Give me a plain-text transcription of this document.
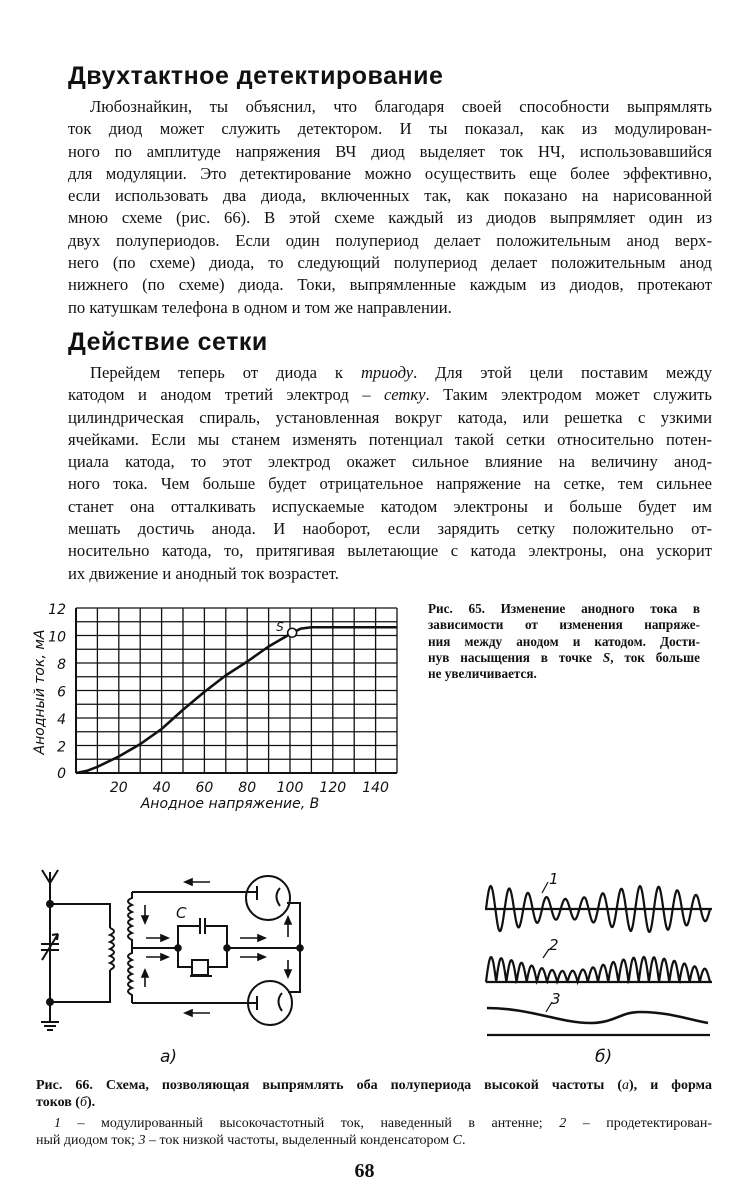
Двухтактное детектирование
Любознайкин, ты объяснил, что благодаря своей способности выпрямлять
ток диод может служить детектором. И ты показал, как из модулирован-
ного по амплитуде напряжения ВЧ диод выделяет ток НЧ, использовавшийся
для модуляции. Это детектирование можно осуществить еще более эффективно,
если использовать два диода, включенных так, как показано на нарисованной
мною схеме (рис. 66). В этой схеме каждый из диодов выпрямляет один из
двух полупериодов. Если один полупериод делает положительным анод верх-
него (по схеме) диода, то следующий полупериод делает положительным анод
нижнего (по схеме) диода. Токи, выпрямленные каждым из диодов, протекают
по катушкам телефона в одном и том же направлении.
Действие сетки
Перейдем теперь от диода к триоду. Для этой цели поставим между
катодом и анодом третий электрод – сетку. Таким электродом может служить
цилиндрическая спираль, установленная вокруг катода, или решетка с узкими
ячейками. Если мы станем изменять потенциал такой сетки относительно потен-
циала катода, то этот электрод окажет сильное влияние на величину анод-
ного тока. Чем больше будет отрицательное напряжение на сетке, тем сильнее
станет она отталкивать испускаемые катодом электроны и больше будет им
мешать достичь анода. И наоборот, если зарядить сетку положительно от-
носительно катода, то, притягивая вылетающие с катода электроны, она ускорит
их движение и анодный ток возрастет.
20 40 60 80 100 120 140
0
2
4
6
8
10
12
Анодный ток, мА
Анодное напряжение, В
S
Рис. 65. Изменение анодного тока в
зависимости от изменения напряже-
ния между анодом и катодом. Дости-
нув насыщения в точке S, ток больше
не увеличивается.
C
а)
1
2
3
б)
Рис. 66. Схема, позволяющая выпрямлять оба полупериода высокой частоты (а), и форма
токов (б).
1 – модулированный высокочастотный ток, наведенный в антенне; 2 – продетектирован-
ный диодом ток; 3 – ток низкой частоты, выделенный конденсатором С.
68
